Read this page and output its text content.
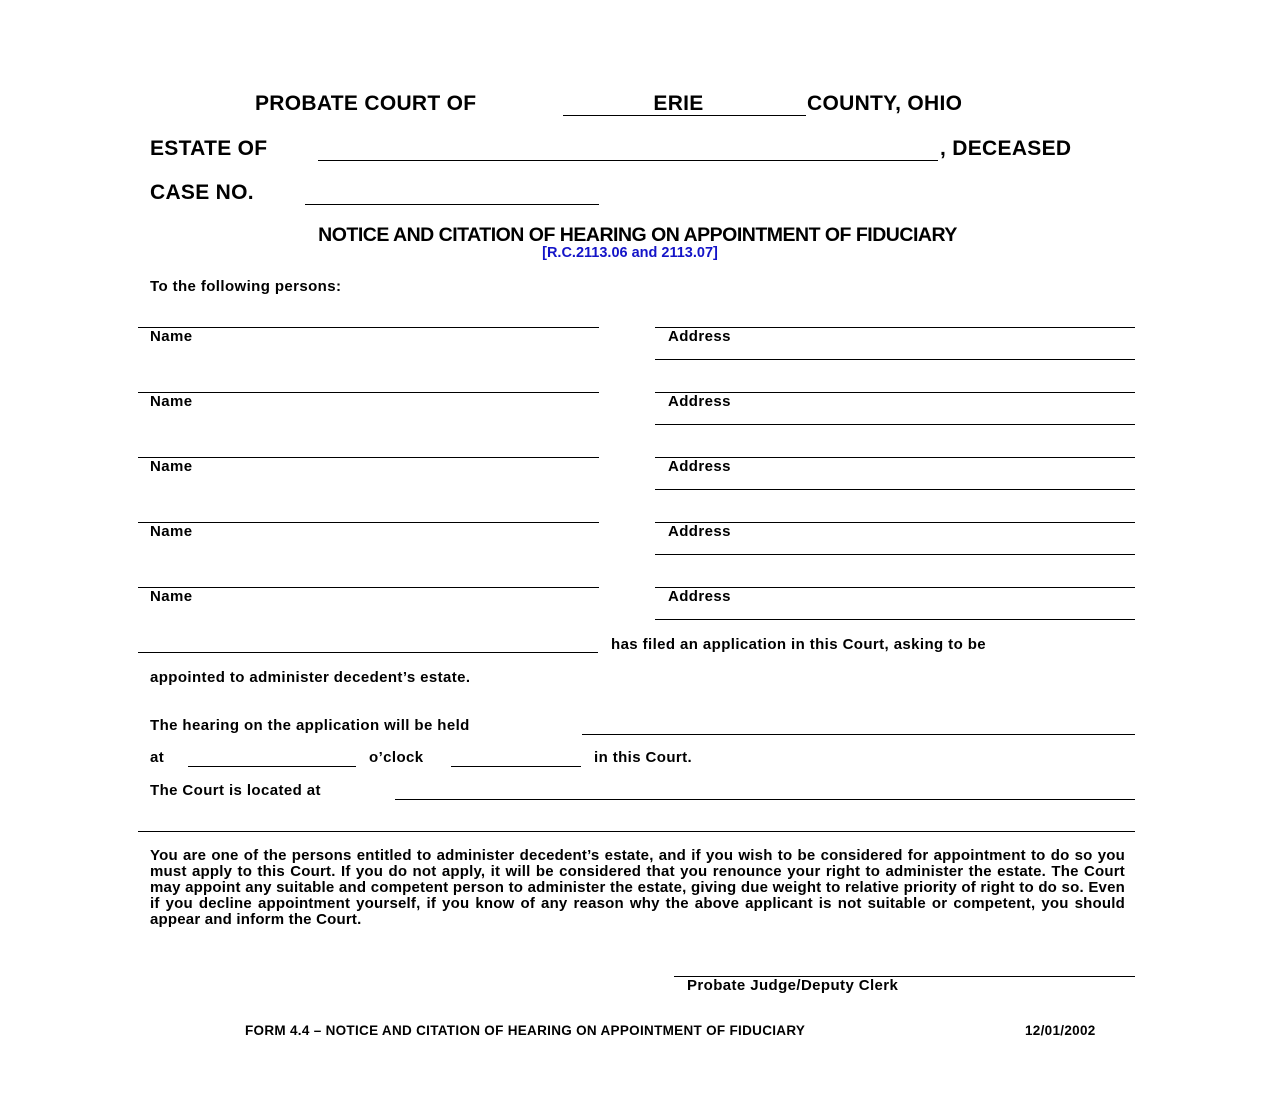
PROBATE COURT OF	ERIE	COUNTY, OHIO
ESTATE OF	, DECEASED
CASE NO.
NOTICE AND CITATION OF HEARING ON APPOINTMENT OF FIDUCIARY
[R.C.2113.06 and 2113.07]
To the following persons:
Name	Address
Name	Address
Name	Address
Name	Address
Name	Address
has filed an application in this Court, asking to be
appointed to administer decedent’s estate.
The hearing on the application will be held
at	o’clock	in this Court.
The Court is located at
You are one of the persons entitled to administer decedent’s estate, and if you wish to be considered for appointment to do so you must apply to this Court. If you do not apply, it will be considered that you renounce your right to administer the estate. The Court may appoint any suitable and competent person to administer the estate, giving due weight to relative priority of right to do so. Even if you decline appointment yourself, if you know of any reason why the above applicant is not suitable or competent, you should appear and inform the Court.
Probate Judge/Deputy Clerk
FORM 4.4 – NOTICE AND CITATION OF HEARING ON APPOINTMENT OF FIDUCIARY	12/01/2002
